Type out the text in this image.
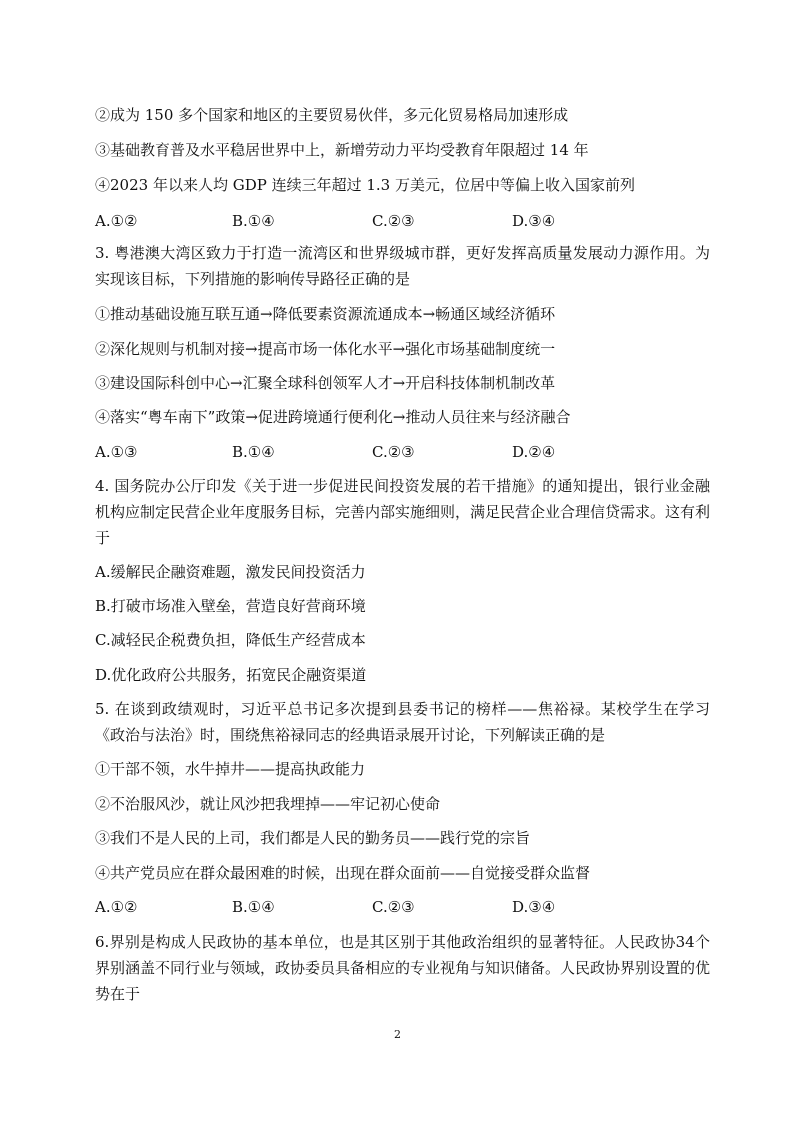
②成为 150 多个国家和地区的主要贸易伙伴，多元化贸易格局加速形成
③基础教育普及水平稳居世界中上，新增劳动力平均受教育年限超过 14 年
④2023 年以来人均 GDP 连续三年超过 1.3 万美元，位居中等偏上收入国家前列
A.①②	B.①④	C.②③	D.③④
3. 粤港澳大湾区致力于打造一流湾区和世界级城市群，更好发挥高质量发展动力源作用。为实现该目标，下列措施的影响传导路径正确的是
①推动基础设施互联互通→降低要素资源流通成本→畅通区域经济循环
②深化规则与机制对接→提高市场一体化水平→强化市场基础制度统一
③建设国际科创中心→汇聚全球科创领军人才→开启科技体制机制改革
④落实“粤车南下”政策→促进跨境通行便利化→推动人员往来与经济融合
A.①③	B.①④	C.②③	D.②④
4. 国务院办公厅印发《关于进一步促进民间投资发展的若干措施》的通知提出，银行业金融机构应制定民营企业年度服务目标，完善内部实施细则，满足民营企业合理信贷需求。这有利于
A.缓解民企融资难题，激发民间投资活力
B.打破市场准入壁垒，营造良好营商环境
C.减轻民企税费负担，降低生产经营成本
D.优化政府公共服务，拓宽民企融资渠道
5. 在谈到政绩观时，习近平总书记多次提到县委书记的榜样——焦裕禄。某校学生在学习《政治与法治》时，围绕焦裕禄同志的经典语录展开讨论，下列解读正确的是
①干部不领，水牛掉井——提高执政能力
②不治服风沙，就让风沙把我埋掉——牢记初心使命
③我们不是人民的上司，我们都是人民的勤务员——践行党的宗旨
④共产党员应在群众最困难的时候，出现在群众面前——自觉接受群众监督
A.①②	B.①④	C.②③	D.③④
6.界别是构成人民政协的基本单位，也是其区别于其他政治组织的显著特征。人民政协34个界别涵盖不同行业与领域，政协委员具备相应的专业视角与知识储备。人民政协界别设置的优势在于
2
